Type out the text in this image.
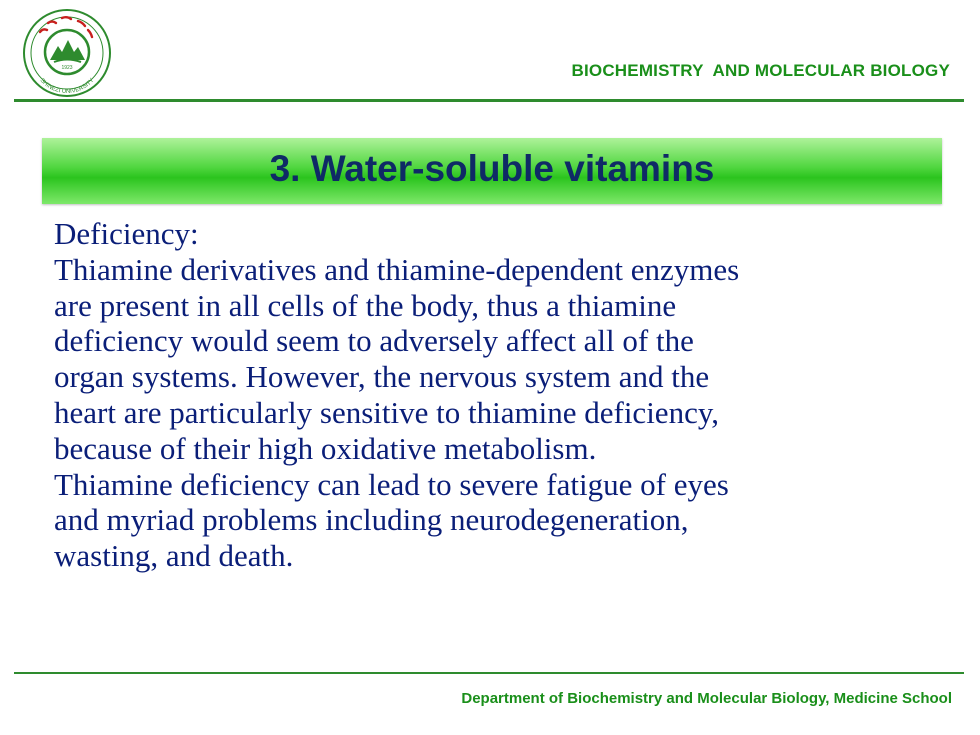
1923
SHINEZI UNIVERSITY
BIOCHEMISTRY  AND MOLECULAR BIOLOGY
3. Water-soluble vitamins
Deficiency:
Thiamine derivatives and thiamine-dependent enzymes
are present in all cells of the body, thus a thiamine
deficiency would seem to adversely affect all of the
organ systems. However, the nervous system and the
heart are particularly sensitive to thiamine deficiency,
because of their high oxidative metabolism.
Thiamine deficiency can lead to severe fatigue of eyes
and myriad problems including neurodegeneration,
wasting, and death.
Department of Biochemistry and Molecular Biology, Medicine School
